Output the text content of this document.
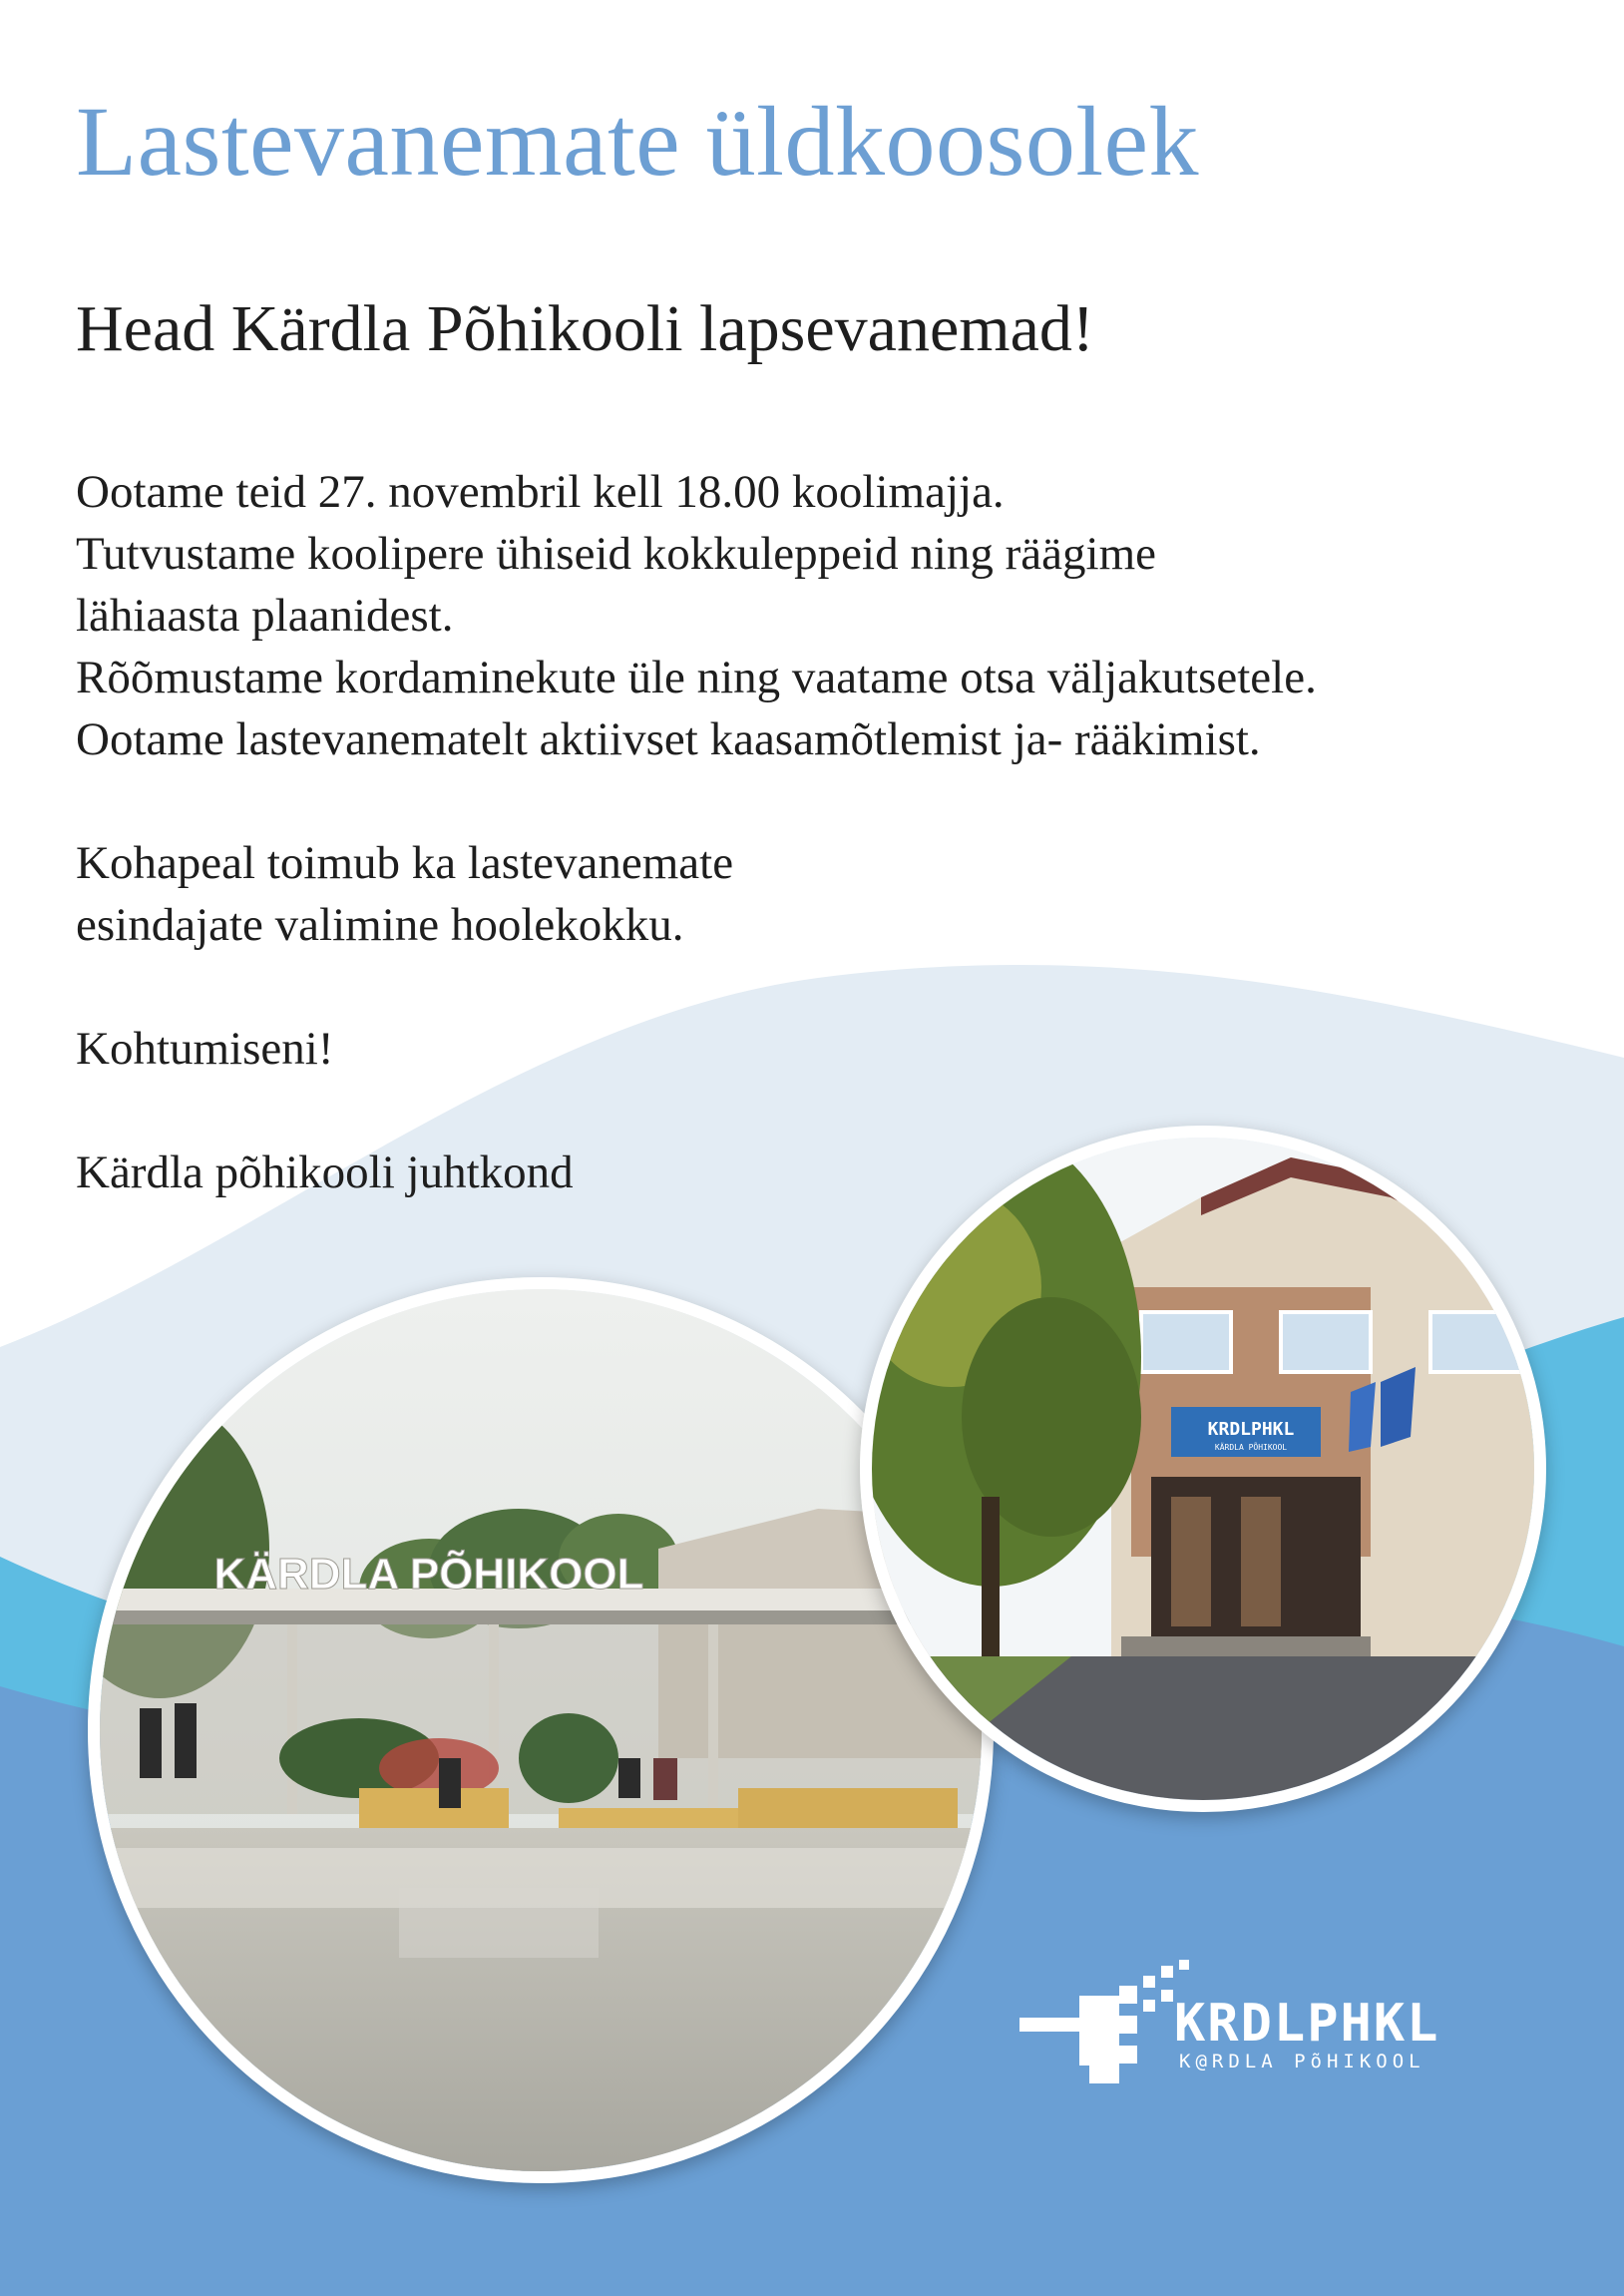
Lastevanemate üldkoosolek
Head Kärdla Põhikooli lapsevanemad!
Ootame teid 27. novembril kell 18.00 koolimajja.
Tutvustame koolipere ühiseid kokkuleppeid ning räägime
lähiaasta plaanidest.
Rõõmustame kordaminekute üle ning vaatame otsa väljakutsetele.
Ootame lastevanematelt aktiivset kaasamõtlemist ja- rääkimist.
Kohapeal toimub ka lastevanemate
esindajate valimine hoolekokku.
Kohtumiseni!
Kärdla põhikooli juhtkond
KÄRDLA PÕHIKOOL
KRDLPHKL
KÄRDLA PÕHIKOOL
KRDLPHKL
K@RDLA PõHIKOOL
